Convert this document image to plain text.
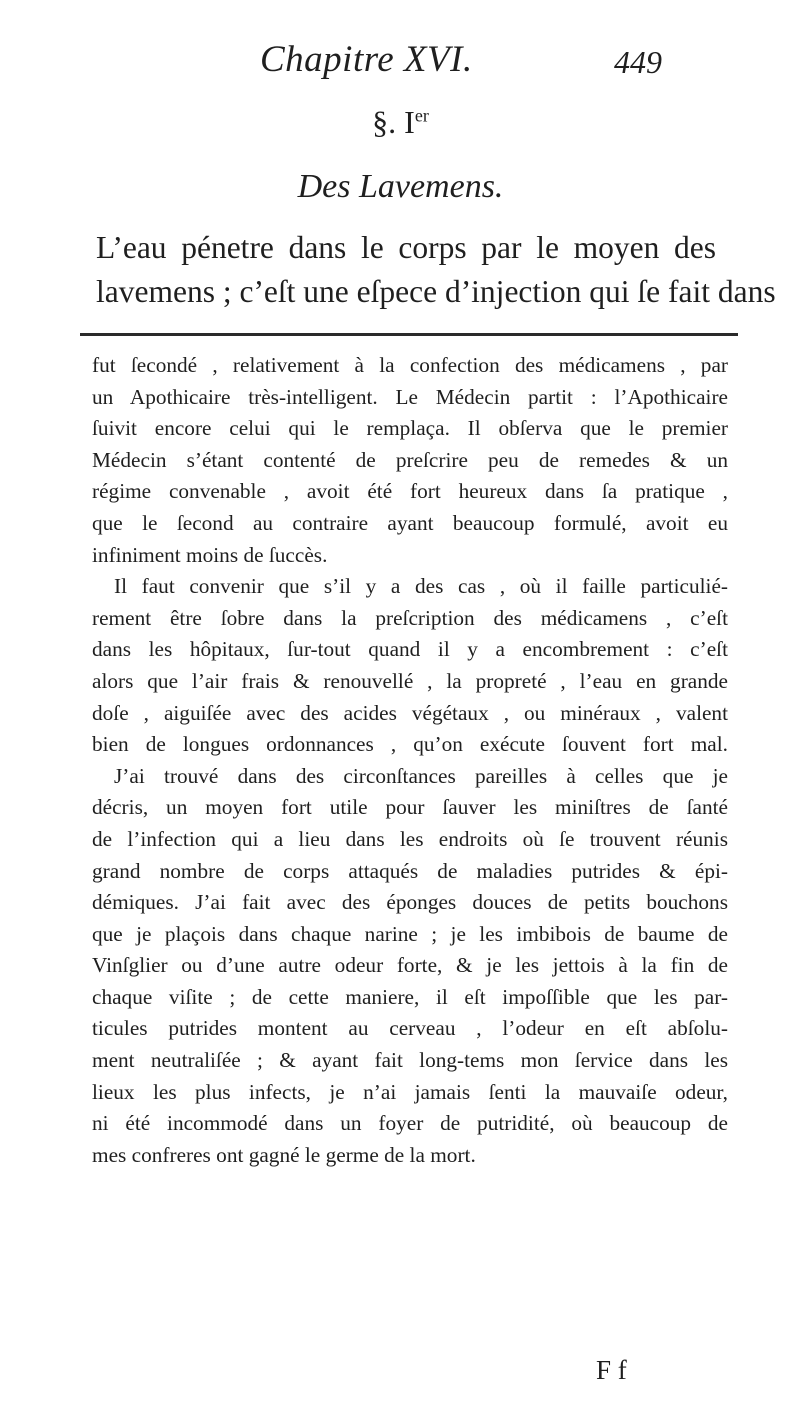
Chapitre XVI.	449
§. Ier
Des Lavemens.
L’eau pénetre dans le corps par le moyen des
lavemens ; c’eſt une eſpece d’injection qui ſe fait dans
fut ſecondé , relativement à la confection des médicamens , par
un Apothicaire très-intelligent. Le Médecin partit : l’Apothicaire
ſuivit encore celui qui le remplaça. Il obſerva que le premier
Médecin s’étant contenté de preſcrire peu de remedes & un
régime convenable , avoit été fort heureux dans ſa pratique ,
que le ſecond au contraire ayant beaucoup formulé, avoit eu
infiniment moins de ſuccès.
Il faut convenir que s’il y a des cas , où il faille particulié-
rement être ſobre dans la preſcription des médicamens , c’eſt
dans les hôpitaux, ſur-tout quand il y a encombrement : c’eſt
alors que l’air frais & renouvellé , la propreté , l’eau en grande
doſe , aiguiſée avec des acides végétaux , ou minéraux , valent
bien de longues ordonnances , qu’on exécute ſouvent fort mal.
J’ai trouvé dans des circonſtances pareilles à celles que je
décris, un moyen fort utile pour ſauver les miniſtres de ſanté
de l’infection qui a lieu dans les endroits où ſe trouvent réunis
grand nombre de corps attaqués de maladies putrides & épi-
démiques. J’ai fait avec des éponges douces de petits bouchons
que je plaçois dans chaque narine ; je les imbibois de baume de
Vinſglier ou d’une autre odeur forte, & je les jettois à la fin de
chaque viſite ; de cette maniere, il eſt impoſſible que les par-
ticules putrides montent au cerveau , l’odeur en eſt abſolu-
ment neutraliſée ; & ayant fait long-tems mon ſervice dans les
lieux les plus infects, je n’ai jamais ſenti la mauvaiſe odeur,
ni été incommodé dans un foyer de putridité, où beaucoup de
mes confreres ont gagné le germe de la mort.
F f
